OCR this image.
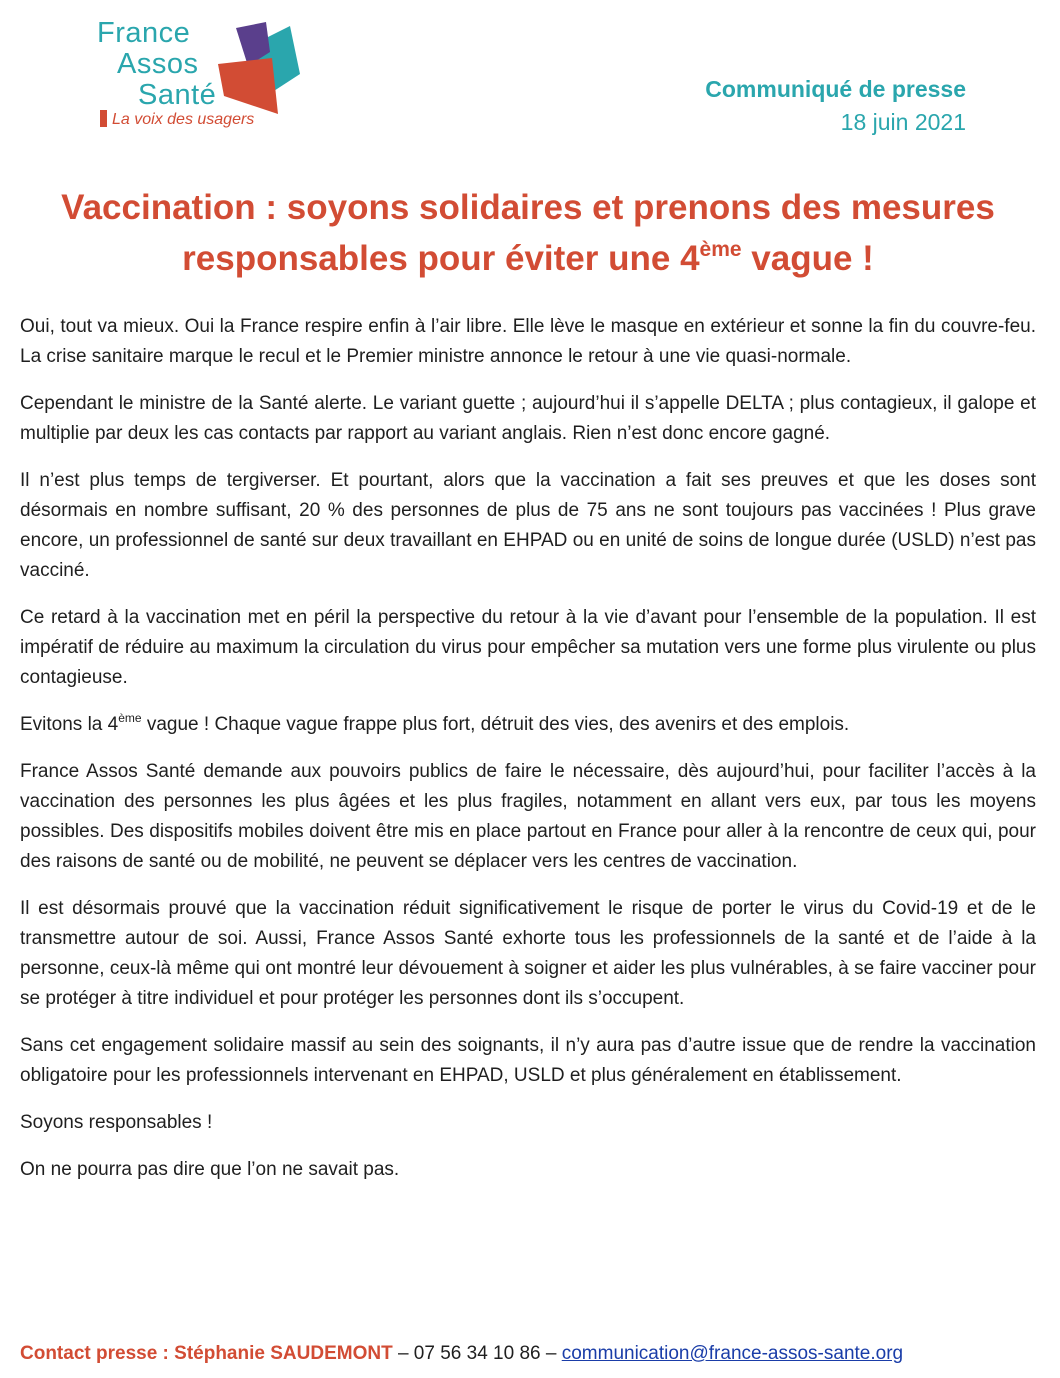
France
Assos
Santé
La voix des usagers
Communiqué de presse
18 juin 2021
Vaccination : soyons solidaires et prenons des mesures
responsables pour éviter une 4ème vague !

Oui, tout va mieux. Oui la France respire enfin à l’air libre. Elle lève le masque en extérieur et sonne la fin du couvre-feu. La crise sanitaire marque le recul et le Premier ministre annonce le retour à une vie quasi-normale.

Cependant le ministre de la Santé alerte. Le variant guette ; aujourd’hui il s’appelle DELTA ; plus contagieux, il galope et multiplie par deux les cas contacts par rapport au variant anglais. Rien n’est donc encore gagné.

Il n’est plus temps de tergiverser. Et pourtant, alors que la vaccination a fait ses preuves et que les doses sont désormais en nombre suffisant, 20 % des personnes de plus de 75 ans ne sont toujours pas vaccinées ! Plus grave encore, un professionnel de santé sur deux travaillant en EHPAD ou en unité de soins de longue durée (USLD) n’est pas vacciné.

Ce retard à la vaccination met en péril la perspective du retour à la vie d’avant pour l’ensemble de la population. Il est impératif de réduire au maximum la circulation du virus pour empêcher sa mutation vers une forme plus virulente ou plus contagieuse.

Evitons la 4ème vague ! Chaque vague frappe plus fort, détruit des vies, des avenirs et des emplois.

France Assos Santé demande aux pouvoirs publics de faire le nécessaire, dès aujourd’hui, pour faciliter l’accès à la vaccination des personnes les plus âgées et les plus fragiles, notamment en allant vers eux, par tous les moyens possibles. Des dispositifs mobiles doivent être mis en place partout en France pour aller à la rencontre de ceux qui, pour des raisons de santé ou de mobilité, ne peuvent se déplacer vers les centres de vaccination.

Il est désormais prouvé que la vaccination réduit significativement le risque de porter le virus du Covid-19 et de le transmettre autour de soi. Aussi, France Assos Santé exhorte tous les professionnels de la santé et de l’aide à la personne, ceux-là même qui ont montré leur dévouement à soigner et aider les plus vulnérables, à se faire vacciner pour se protéger à titre individuel et pour protéger les personnes dont ils s’occupent.

Sans cet engagement solidaire massif au sein des soignants, il n’y aura pas d’autre issue que de rendre la vaccination obligatoire pour les professionnels intervenant en EHPAD, USLD et plus généralement en établissement.

Soyons responsables !

On ne pourra pas dire que l’on ne savait pas.

Contact presse : Stéphanie SAUDEMONT – 07 56 34 10 86 – communication@france-assos-sante.org
